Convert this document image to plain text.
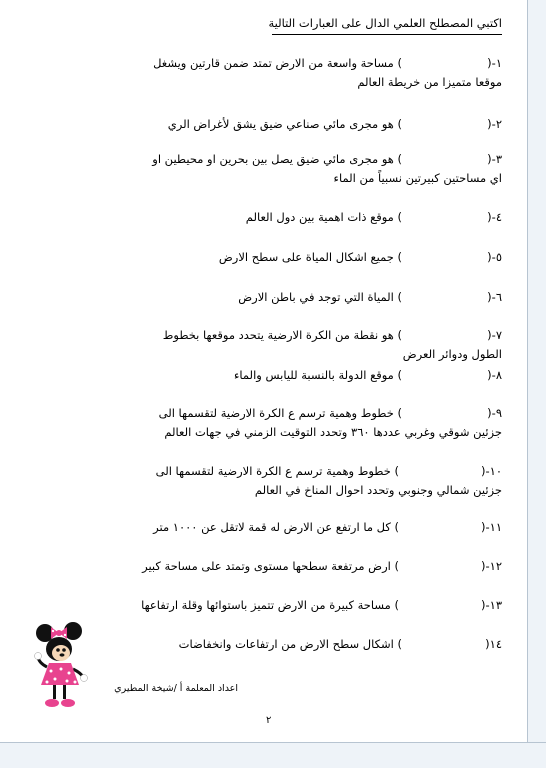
اكتبي المصطلح العلمي الدال على العبارات التالية
١-() مساحة واسعة من الارض تمتد ضمن قارتين ويشغل
موقعا متميزا من خريطة العالم
٢-() هو مجرى مائي صناعي ضيق يشق لأغراض الري
٣-() هو مجرى مائي ضيق يصل بين بحرين او محيطين او
اي مساحتين كبيرتين نسبياً من الماء
٤-() موقع ذات اهمية بين دول العالم
٥-() جميع اشكال المياة على سطح الارض
٦-() المياة التي توجد في باطن الارض
٧-() هو نقطة من الكرة الارضية يتحدد موقعها بخطوط
الطول ودوائر العرض
٨-() موقع الدولة بالنسبة لليابس والماء
٩-() خطوط وهمية ترسم ع الكرة الارضية لتقسمها الى
جزئين شوقي وغربي عددها ٣٦٠ وتحدد التوقيت الزمني في جهات العالم
١٠-() خطوط وهمية ترسم ع الكرة الارضية لتقسمها الى
جزئين شمالي وجنوبي وتحدد احوال المناخ في العالم
١١-() كل ما ارتفع عن الارض له قمة لاتقل عن ١٠٠٠ متر
١٢-() ارض مرتفعة سطحها مستوى وتمتد على مساحة كبير
١٣-() مساحة كبيرة من الارض تتميز باستوائها وقلة ارتفاعها
١٤() اشكال سطح الارض من ارتفاعات وانخفاضات
اعداد المعلمة أ /شيخة المطيري
٢
